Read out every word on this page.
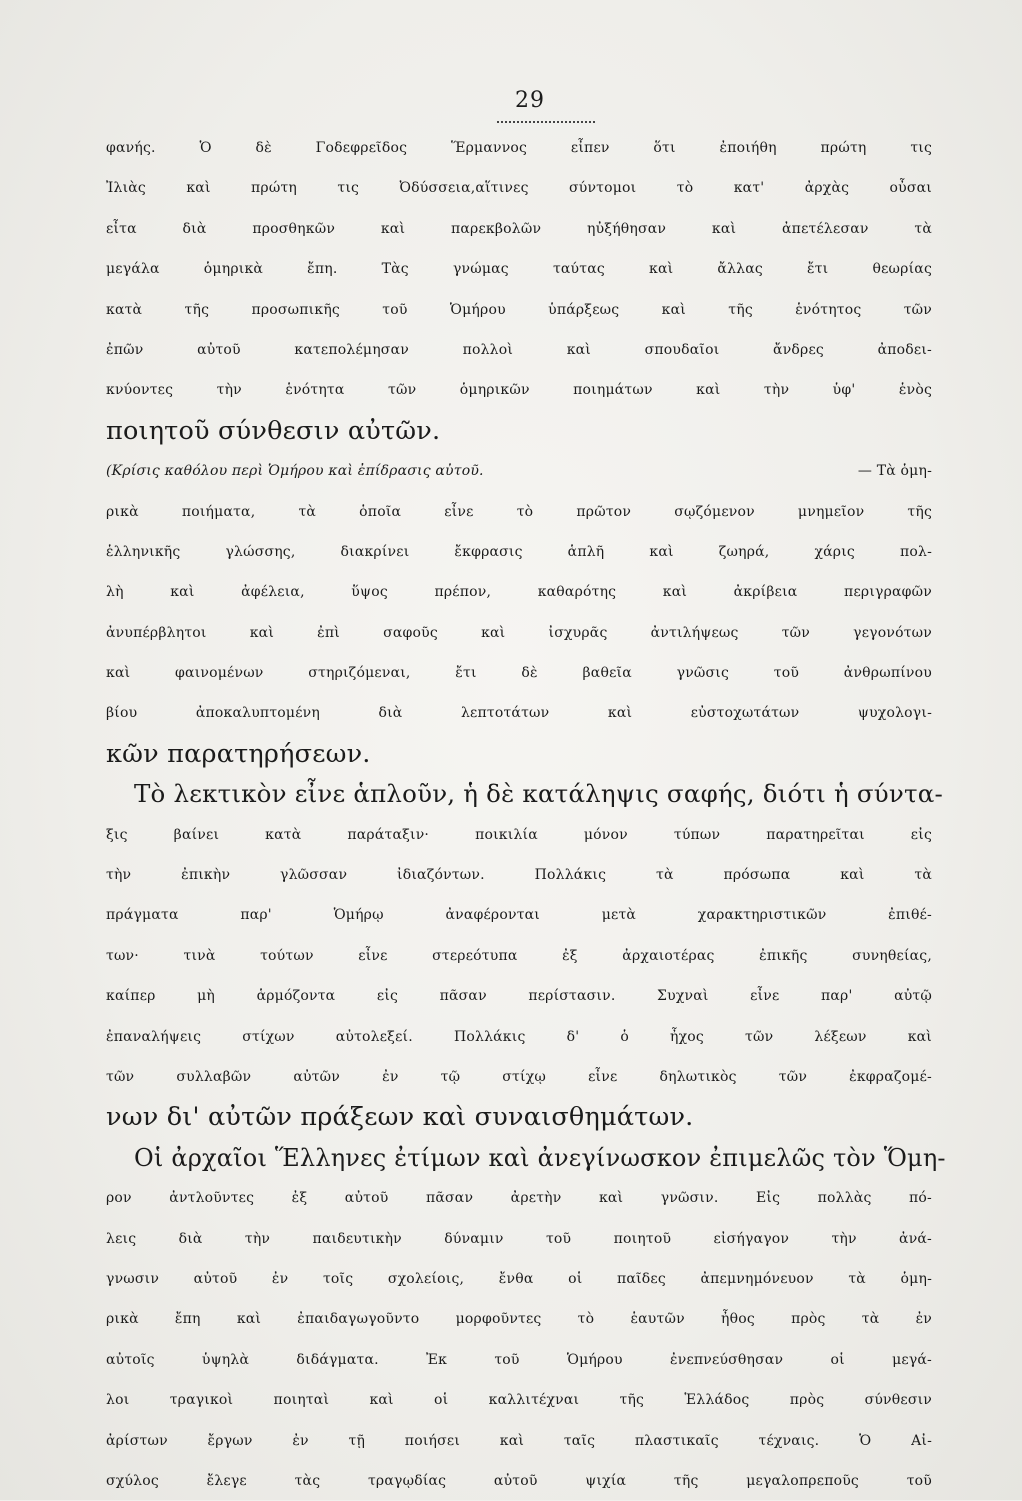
29
φανής. Ὁ δὲ Γοδεφρεῖδος Ἕρμαννος εἶπεν ὅτι ἐποιήθη πρώτη τις
Ἰλιὰς καὶ πρώτη τις Ὀδύσσεια,αἵτινες σύντομοι τὸ κατ' ἀρχὰς οὖσαι
εἶτα διὰ προσθηκῶν καὶ παρεκβολῶν ηὐξήθησαν καὶ ἀπετέλεσαν τὰ
μεγάλα ὁμηρικὰ ἔπη. Τὰς γνώμας ταύτας καὶ ἄλλας ἔτι θεωρίας
κατὰ τῆς προσωπικῆς τοῦ Ὁμήρου ὑπάρξεως καὶ τῆς ἑνότητος τῶν
ἐπῶν αὐτοῦ κατεπολέμησαν πολλοὶ καὶ σπουδαῖοι ἄνδρες ἀποδει-
κνύοντες τὴν ἑνότητα τῶν ὁμηρικῶν ποιημάτων καὶ τὴν ὑφ' ἑνὸς
ποιητοῦ σύνθεσιν αὐτῶν.
(Κρίσις καθόλου περὶ Ὁμήρου καὶ ἐπίδρασις αὐτοῦ.	— Τὰ ὁμη-
ρικὰ ποιήματα, τὰ ὁποῖα εἶνε τὸ πρῶτον σῳζόμενον μνημεῖον τῆς
ἑλληνικῆς γλώσσης, διακρίνει ἔκφρασις ἁπλῆ καὶ ζωηρά, χάρις πολ-
λὴ καὶ ἀφέλεια, ὕψος πρέπον, καθαρότης καὶ ἀκρίβεια περιγραφῶν
ἀνυπέρβλητοι καὶ ἐπὶ σαφοῦς καὶ ἰσχυρᾶς ἀντιλήψεως τῶν γεγονότων
καὶ φαινομένων στηριζόμεναι, ἔτι δὲ βαθεῖα γνῶσις τοῦ ἀνθρωπίνου
βίου ἀποκαλυπτομένη διὰ λεπτοτάτων καὶ εὐστοχωτάτων ψυχολογι-
κῶν παρατηρήσεων.
Τὸ λεκτικὸν εἶνε ἁπλοῦν, ἡ δὲ κατάληψις σαφής, διότι ἡ σύντα-
ξις βαίνει κατὰ παράταξιν· ποικιλία μόνον τύπων παρατηρεῖται εἰς
τὴν ἐπικὴν γλῶσσαν ἰδιαζόντων. Πολλάκις τὰ πρόσωπα καὶ τὰ
πράγματα παρ' Ὁμήρῳ ἀναφέρονται μετὰ χαρακτηριστικῶν ἐπιθέ-
των· τινὰ τούτων εἶνε στερεότυπα ἐξ ἀρχαιοτέρας ἐπικῆς συνηθείας,
καίπερ μὴ ἁρμόζοντα εἰς πᾶσαν περίστασιν. Συχναὶ εἶνε παρ' αὐτῷ
ἐπαναλήψεις στίχων αὐτολεξεί. Πολλάκις δ' ὁ ἦχος τῶν λέξεων καὶ
τῶν συλλαβῶν αὐτῶν ἐν τῷ στίχῳ εἶνε δηλωτικὸς τῶν ἐκφραζομέ-
νων δι' αὐτῶν πράξεων καὶ συναισθημάτων.
Οἱ ἀρχαῖοι Ἕλληνες ἐτίμων καὶ ἀνεγίνωσκον ἐπιμελῶς τὸν Ὅμη-
ρον ἀντλοῦντες ἐξ αὐτοῦ πᾶσαν ἀρετὴν καὶ γνῶσιν. Εἰς πολλὰς πό-
λεις διὰ τὴν παιδευτικὴν δύναμιν τοῦ ποιητοῦ εἰσήγαγον τὴν ἀνά-
γνωσιν αὐτοῦ ἐν τοῖς σχολείοις, ἔνθα οἱ παῖδες ἀπεμνημόνευον τὰ ὁμη-
ρικὰ ἔπη καὶ ἐπαιδαγωγοῦντο μορφοῦντες τὸ ἑαυτῶν ἦθος πρὸς τὰ ἐν
αὐτοῖς ὑψηλὰ διδάγματα. Ἐκ τοῦ Ὁμήρου ἐνεπνεύσθησαν οἱ μεγά-
λοι τραγικοὶ ποιηταὶ καὶ οἱ καλλιτέχναι τῆς Ἑλλάδος πρὸς σύνθεσιν
ἀρίστων ἔργων ἐν τῇ ποιήσει καὶ ταῖς πλαστικαῖς τέχναις. Ὁ Αἰ-
σχύλος ἔλεγε τὰς τραγῳδίας αὐτοῦ ψιχία τῆς μεγαλοπρεποῦς τοῦ
